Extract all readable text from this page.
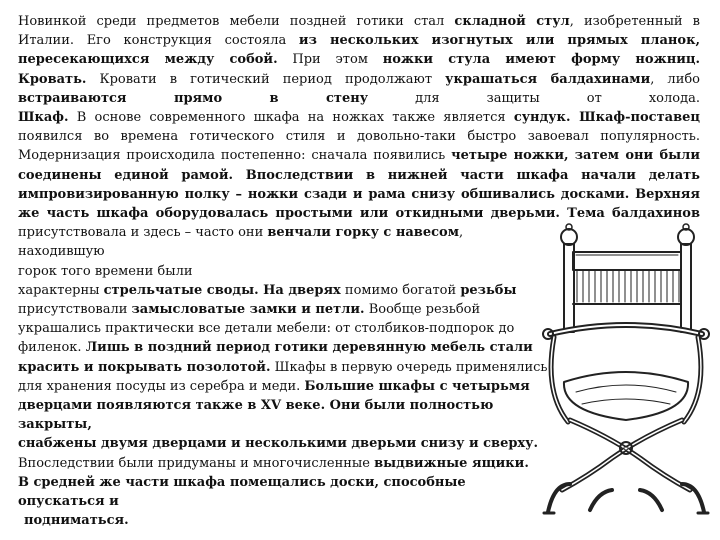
Новинкой среди предметов мебели поздней готики стал складной стул, изобретенный в Италии. Его конструкция состояла из нескольких изогнутых или прямых планок, пересекающихся между собой. При этом ножки стула имеют форму ножниц.

Кровать. Кровати в готический период продолжают украшаться балдахинами, либо встраиваются прямо в стену для защиты от холода.

Шкаф. В основе современного шкафа на ножках также является сундук. Шкаф-поставец появился во времена готического стиля и довольно-таки быстро завоевал популярность. Модернизация происходила постепенно: сначала появились четыре ножки, затем они были соединены единой рамой. Впоследствии в нижней части шкафа начали делать импровизированную полку – ножки сзади и рама снизу обшивались досками. Верхняя же часть шкафа оборудовалась простыми или откидными дверьми. Тема балдахинов

присутствовала и здесь – часто они венчали горку с навесом, находившую

горок того времени были

характерны стрельчатые своды. На дверях помимо богатой резьбы

присутствовали замысловатые замки и петли. Вообще резьбой

украшались практически все детали мебели: от столбиков-подпорок до

филенок. Лишь в поздний период готики деревянную мебель стали

красить и покрывать позолотой. Шкафы в первую очередь применялись

для хранения посуды из серебра и меди. Большие шкафы с четырьмя

дверцами появляются также в XV веке. Они были полностью закрыты,

снабжены двумя дверцами и несколькими дверьми снизу и сверху.

Впоследствии были придуманы и многочисленные выдвижные ящики.

В средней же части шкафа помещались доски, способные опускаться и

подниматься.
